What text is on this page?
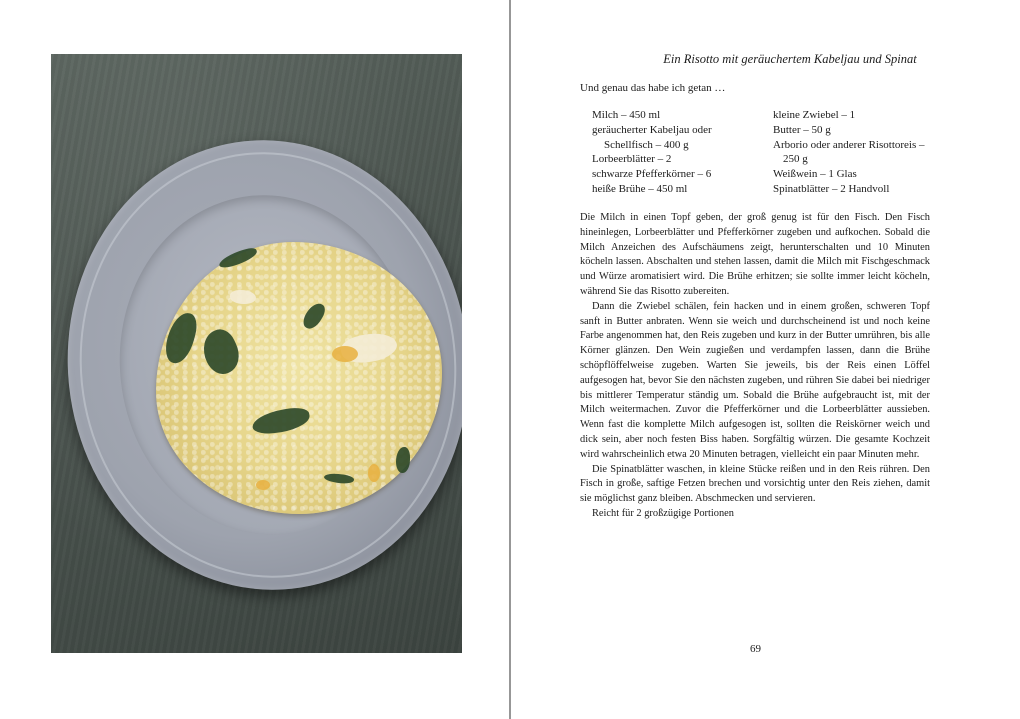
Ein Risotto mit geräuchertem Kabeljau und Spinat

Und genau das habe ich getan …

Milch – 450 ml
geräucherter Kabeljau oder
Schellfisch – 400 g
Lorbeerblätter – 2
schwarze Pfefferkörner – 6
heiße Brühe – 450 ml
kleine Zwiebel – 1
Butter – 50 g
Arborio oder anderer Risottoreis –
250 g
Weißwein – 1 Glas
Spinatblätter – 2 Handvoll

Die Milch in einen Topf geben, der groß genug ist für den Fisch. Den Fisch hineinlegen, Lorbeerblätter und Pfefferkörner zugeben und aufkochen. Sobald die Milch Anzeichen des Aufschäumens zeigt, herunterschalten und 10 Minuten köcheln lassen. Abschalten und stehen lassen, damit die Milch mit Fischgeschmack und Würze aromatisiert wird. Die Brühe erhitzen; sie sollte immer leicht köcheln, während Sie das Risotto zubereiten.

Dann die Zwiebel schälen, fein hacken und in einem großen, schweren Topf sanft in Butter anbraten. Wenn sie weich und durchscheinend ist und noch keine Farbe angenommen hat, den Reis zugeben und kurz in der Butter umrühren, bis alle Körner glänzen. Den Wein zugießen und verdampfen lassen, dann die Brühe schöpflöffelweise zugeben. Warten Sie jeweils, bis der Reis einen Löffel aufgesogen hat, bevor Sie den nächsten zugeben, und rühren Sie dabei bei niedriger bis mittlerer Temperatur ständig um. Sobald die Brühe aufgebraucht ist, mit der Milch weitermachen. Zuvor die Pfefferkörner und die Lorbeerblätter aussieben. Wenn fast die komplette Milch aufgesogen ist, sollten die Reiskörner weich und dick sein, aber noch festen Biss haben. Sorgfältig würzen. Die gesamte Kochzeit wird wahrscheinlich etwa 20 Minuten betragen, vielleicht ein paar Minuten mehr.

Die Spinatblätter waschen, in kleine Stücke reißen und in den Reis rühren. Den Fisch in große, saftige Fetzen brechen und vorsichtig unter den Reis ziehen, damit sie möglichst ganz bleiben. Abschmecken und servieren.

Reicht für 2 großzügige Portionen

69
